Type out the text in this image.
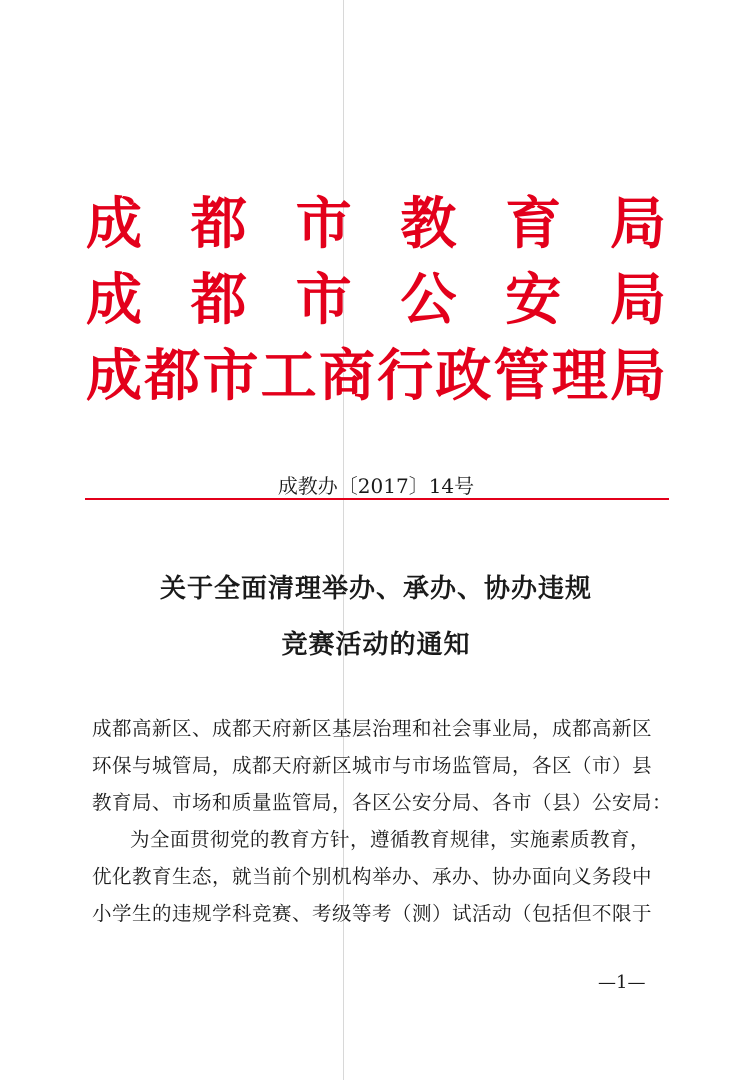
成 都 市 教 育 局
成 都 市 公 安 局
成 都 市 工 商 行 政 管 理 局
成教办〔2017〕14号
关于全面清理举办、承办、协办违规
竞赛活动的通知
成都高新区、成都天府新区基层治理和社会事业局，成都高新区
环保与城管局，成都天府新区城市与市场监管局，各区（市）县
教育局、市场和质量监管局，各区公安分局、各市（县）公安局：
为全面贯彻党的教育方针，遵循教育规律，实施素质教育，
优化教育生态，就当前个别机构举办、承办、协办面向义务段中
小学生的违规学科竞赛、考级等考（测）试活动（包括但不限于
—1—
